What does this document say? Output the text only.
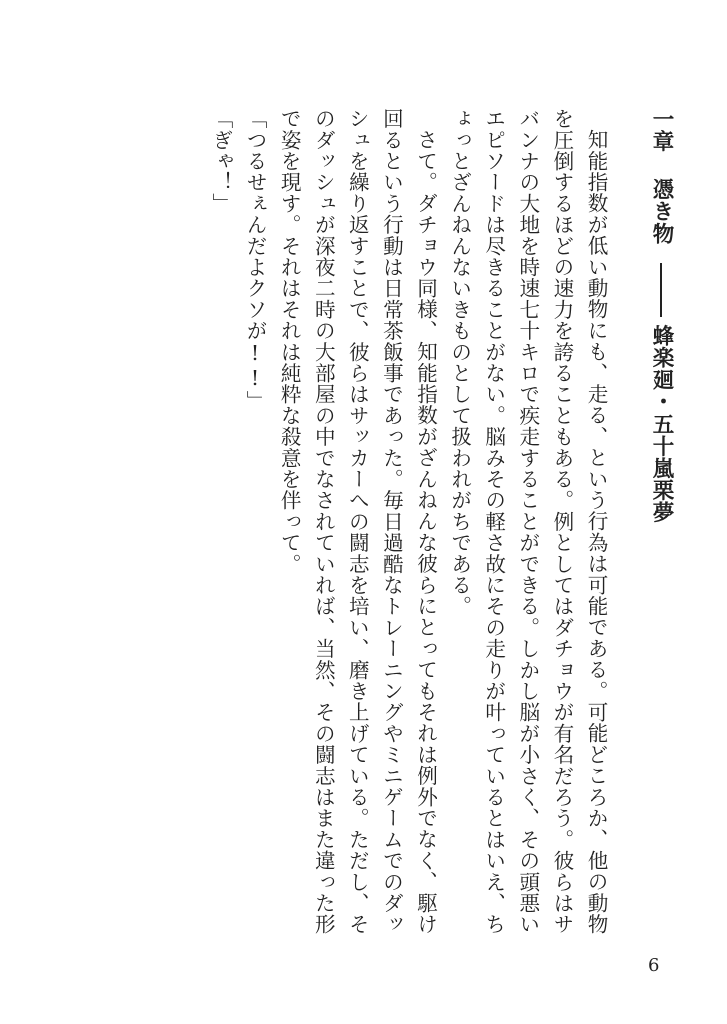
一章憑き物蜂楽廻・五十嵐栗夢

知能指数が低い動物にも、走る、という行為は可能である。可能どころか、他の動物を圧倒するほどの速力を誇ることもある。例としてはダチョウが有名だろう。彼らはサバンナの大地を時速七十キロで疾走することができる。しかし脳が小さく、その頭悪いエピソードは尽きることがない。脳みその軽さ故にその走りが叶っているとはいえ、ちょっとざんねんないきものとして扱われがちである。

さて。ダチョウ同様、知能指数がざんねんな彼らにとってもそれは例外でなく、駆け回るという行動は日常茶飯事であった。毎日過酷なトレーニングやミニゲームでのダッシュを繰り返すことで、彼らはサッカーへの闘志を培い、磨き上げている。ただし、そのダッシュが深夜二時の大部屋の中でなされていれば、当然、その闘志はまた違った形で姿を現す。それはそれは純粋な殺意を伴って。

「つるせぇんだよクソが!!」

「ぎゃ！」

6
